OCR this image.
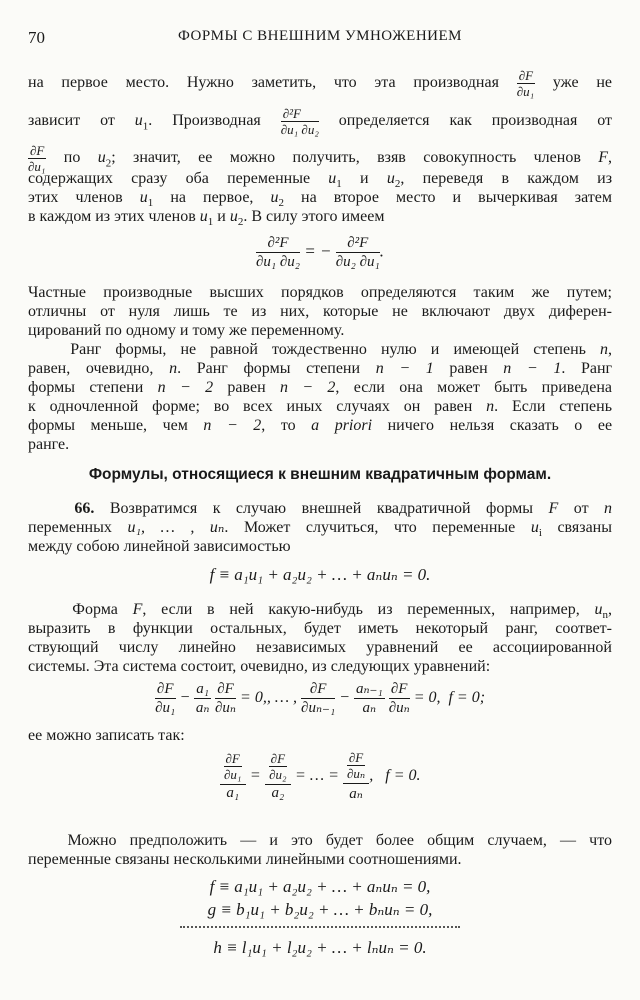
70	ФОРМЫ С ВНЕШНИМ УМНОЖЕНИЕМ
на первое место. Нужно заметить, что эта производная $\frac{\partial F}{\text{∂u₁}}$ уже не
зависит от $u_1$. Производная $\frac{\text{∂²F}}{\text{∂u₁ ∂u₂}}$ определяется как производная от
$\frac{\partial F}{\text{∂u₁}}$ по $u_2$; значит, ее можно получить, взяв совокупность членов F,
содержащих сразу оба переменные $u_1$ и $u_2$, переведя в каждом из
этих членов $u_1$ на первое, $u_2$ на второе место и вычеркивая затем
в каждом из этих членов $u_1$ и $u_2$. В силу этого имеем
$\frac{\text{∂²F}}{\text{∂u₁ ∂u₂}}$ = − $\frac{\text{∂²F}}{\text{∂u₂ ∂u₁}}$ .
Частные производные высших порядков определяются таким же путем;
отличны от нуля лишь те из них, которые не включают двух диферен-
цирований по одному и тому же переменному.
Ранг формы, не равной тождественно нулю и имеющей степень n,
равен, очевидно, n. Ранг формы степени n − 1 равен n − 1. Ранг
формы степени n − 2 равен n − 2, если она может быть приведена
к одночленной форме; во всех иных случаях он равен n. Если степень
формы меньше, чем n − 2, то a priori ничего нельзя сказать о ее
ранге.
Формулы, относящиеся к внешним квадратичным формам.
66. Возвратимся к случаю внешней квадратичной формы F от n
переменных u₁, … , uₙ. Может случиться, что переменные $u_i$ связаны
между собою линейной зависимостью
f ≡ a₁u₁ + a₂u₂ + … + aₙuₙ = 0.
Форма F, если в ней какую-нибудь из переменных, например, $u_n$,
выразить в функции остальных, будет иметь некоторый ранг, соответ-
ствующий числу линейно независимых уравнений ее ассоциированной
системы. Эта система состоит, очевидно, из следующих уравнений:
$\frac{\partial F}{\text{∂u₁}} - \frac{\text{a₁}}{\text{aₙ}}$
$\frac{\partial F}{\text{∂uₙ}} = 0$,, … , $\frac{\partial F}{\text{∂uₙ₋₁}} - \frac{\text{aₙ₋₁}}{\text{aₙ}}$
$\frac{\partial F}{\text{∂uₙ}} = 0$, f = 0;
ее можно записать так:
$\frac{\frac{\partial F}{\text{∂u₁}}}{\text{a₁}} = \frac{\frac{\partial F}{\text{∂u₂}}}{\text{a₂}}$ = … = $\frac{\frac{\partial F}{\text{∂uₙ}}}{\text{aₙ}}$ ,   f = 0.
Можно предположить — и это будет более общим случаем, — что
переменные связаны несколькими линейными соотношениями.
f ≡ a₁u₁ + a₂u₂ + … + aₙuₙ = 0,
g ≡ b₁u₁ + b₂u₂ + … + bₙuₙ = 0,
h ≡ l₁u₁ + l₂u₂ + … + lₙuₙ = 0.
